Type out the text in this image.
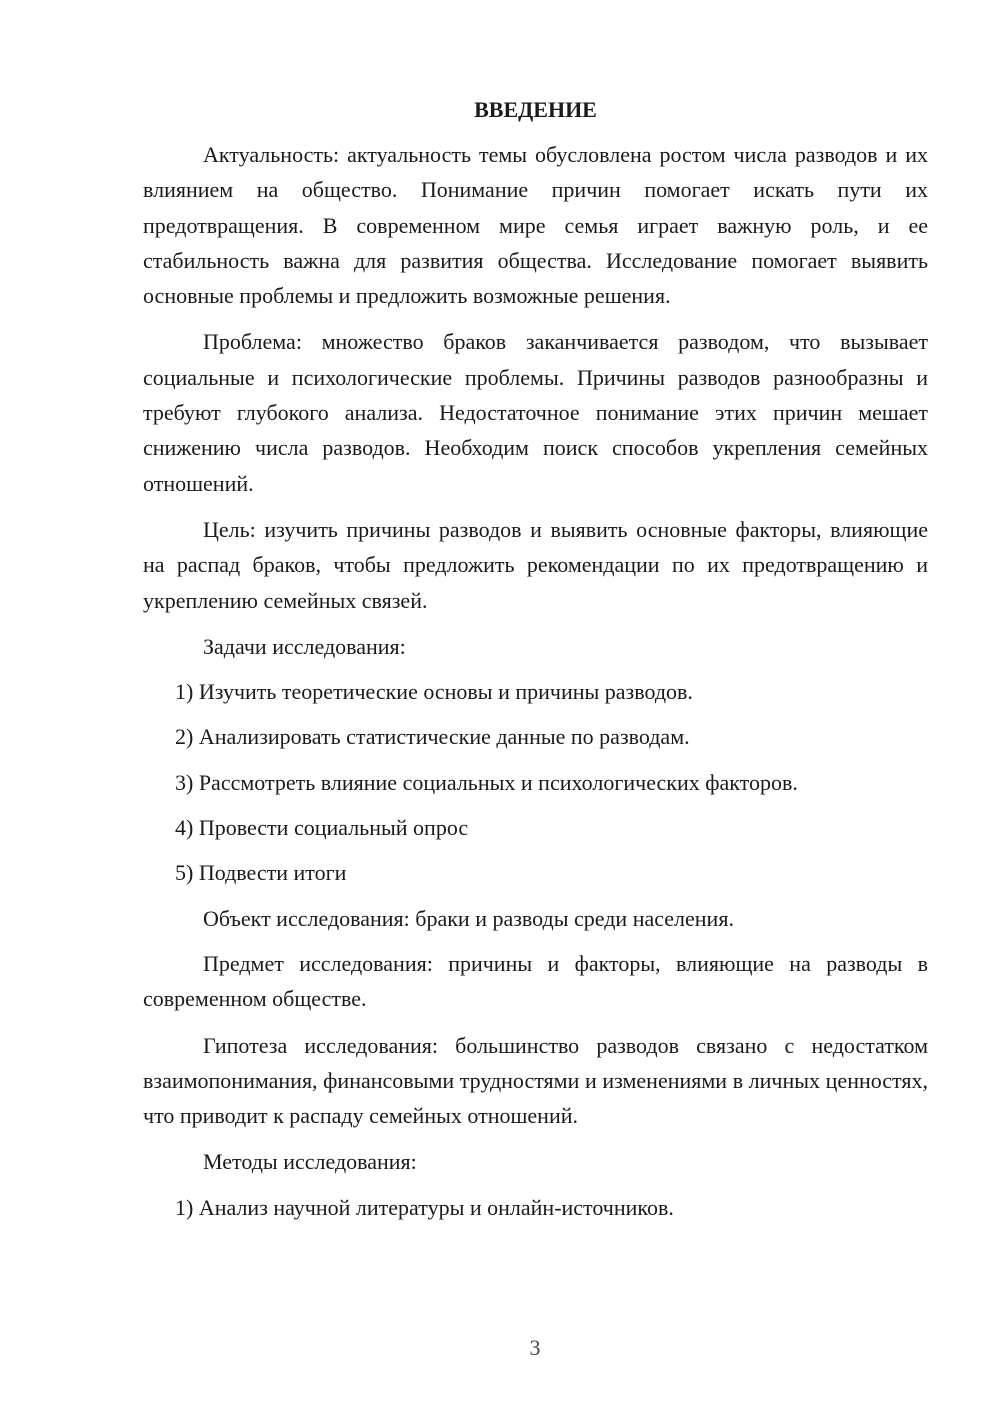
ВВЕДЕНИЕ

Актуальность: актуальность темы обусловлена ростом числа разводов и их влиянием на общество. Понимание причин помогает искать пути их предотвращения. В современном мире семья играет важную роль, и ее стабильность важна для развития общества. Исследование помогает выявить основные проблемы и предложить возможные решения.

Проблема: множество браков заканчивается разводом, что вызывает социальные и психологические проблемы. Причины разводов разнообразны и требуют глубокого анализа. Недостаточное понимание этих причин мешает снижению числа разводов. Необходим поиск способов укрепления семейных отношений.

Цель: изучить причины разводов и выявить основные факторы, влияющие на распад браков, чтобы предложить рекомендации по их предотвращению и укреплению семейных связей.

Задачи исследования:

1) Изучить теоретические основы и причины разводов.

2) Анализировать статистические данные по разводам.

3) Рассмотреть влияние социальных и психологических факторов.

4) Провести социальный опрос

5) Подвести итоги

Объект исследования: браки и разводы среди населения.

Предмет исследования: причины и факторы, влияющие на разводы в современном обществе.

Гипотеза исследования: большинство разводов связано с недостатком взаимопонимания, финансовыми трудностями и изменениями в личных ценностях, что приводит к распаду семейных отношений.

Методы исследования:

1) Анализ научной литературы и онлайн-источников.

3
